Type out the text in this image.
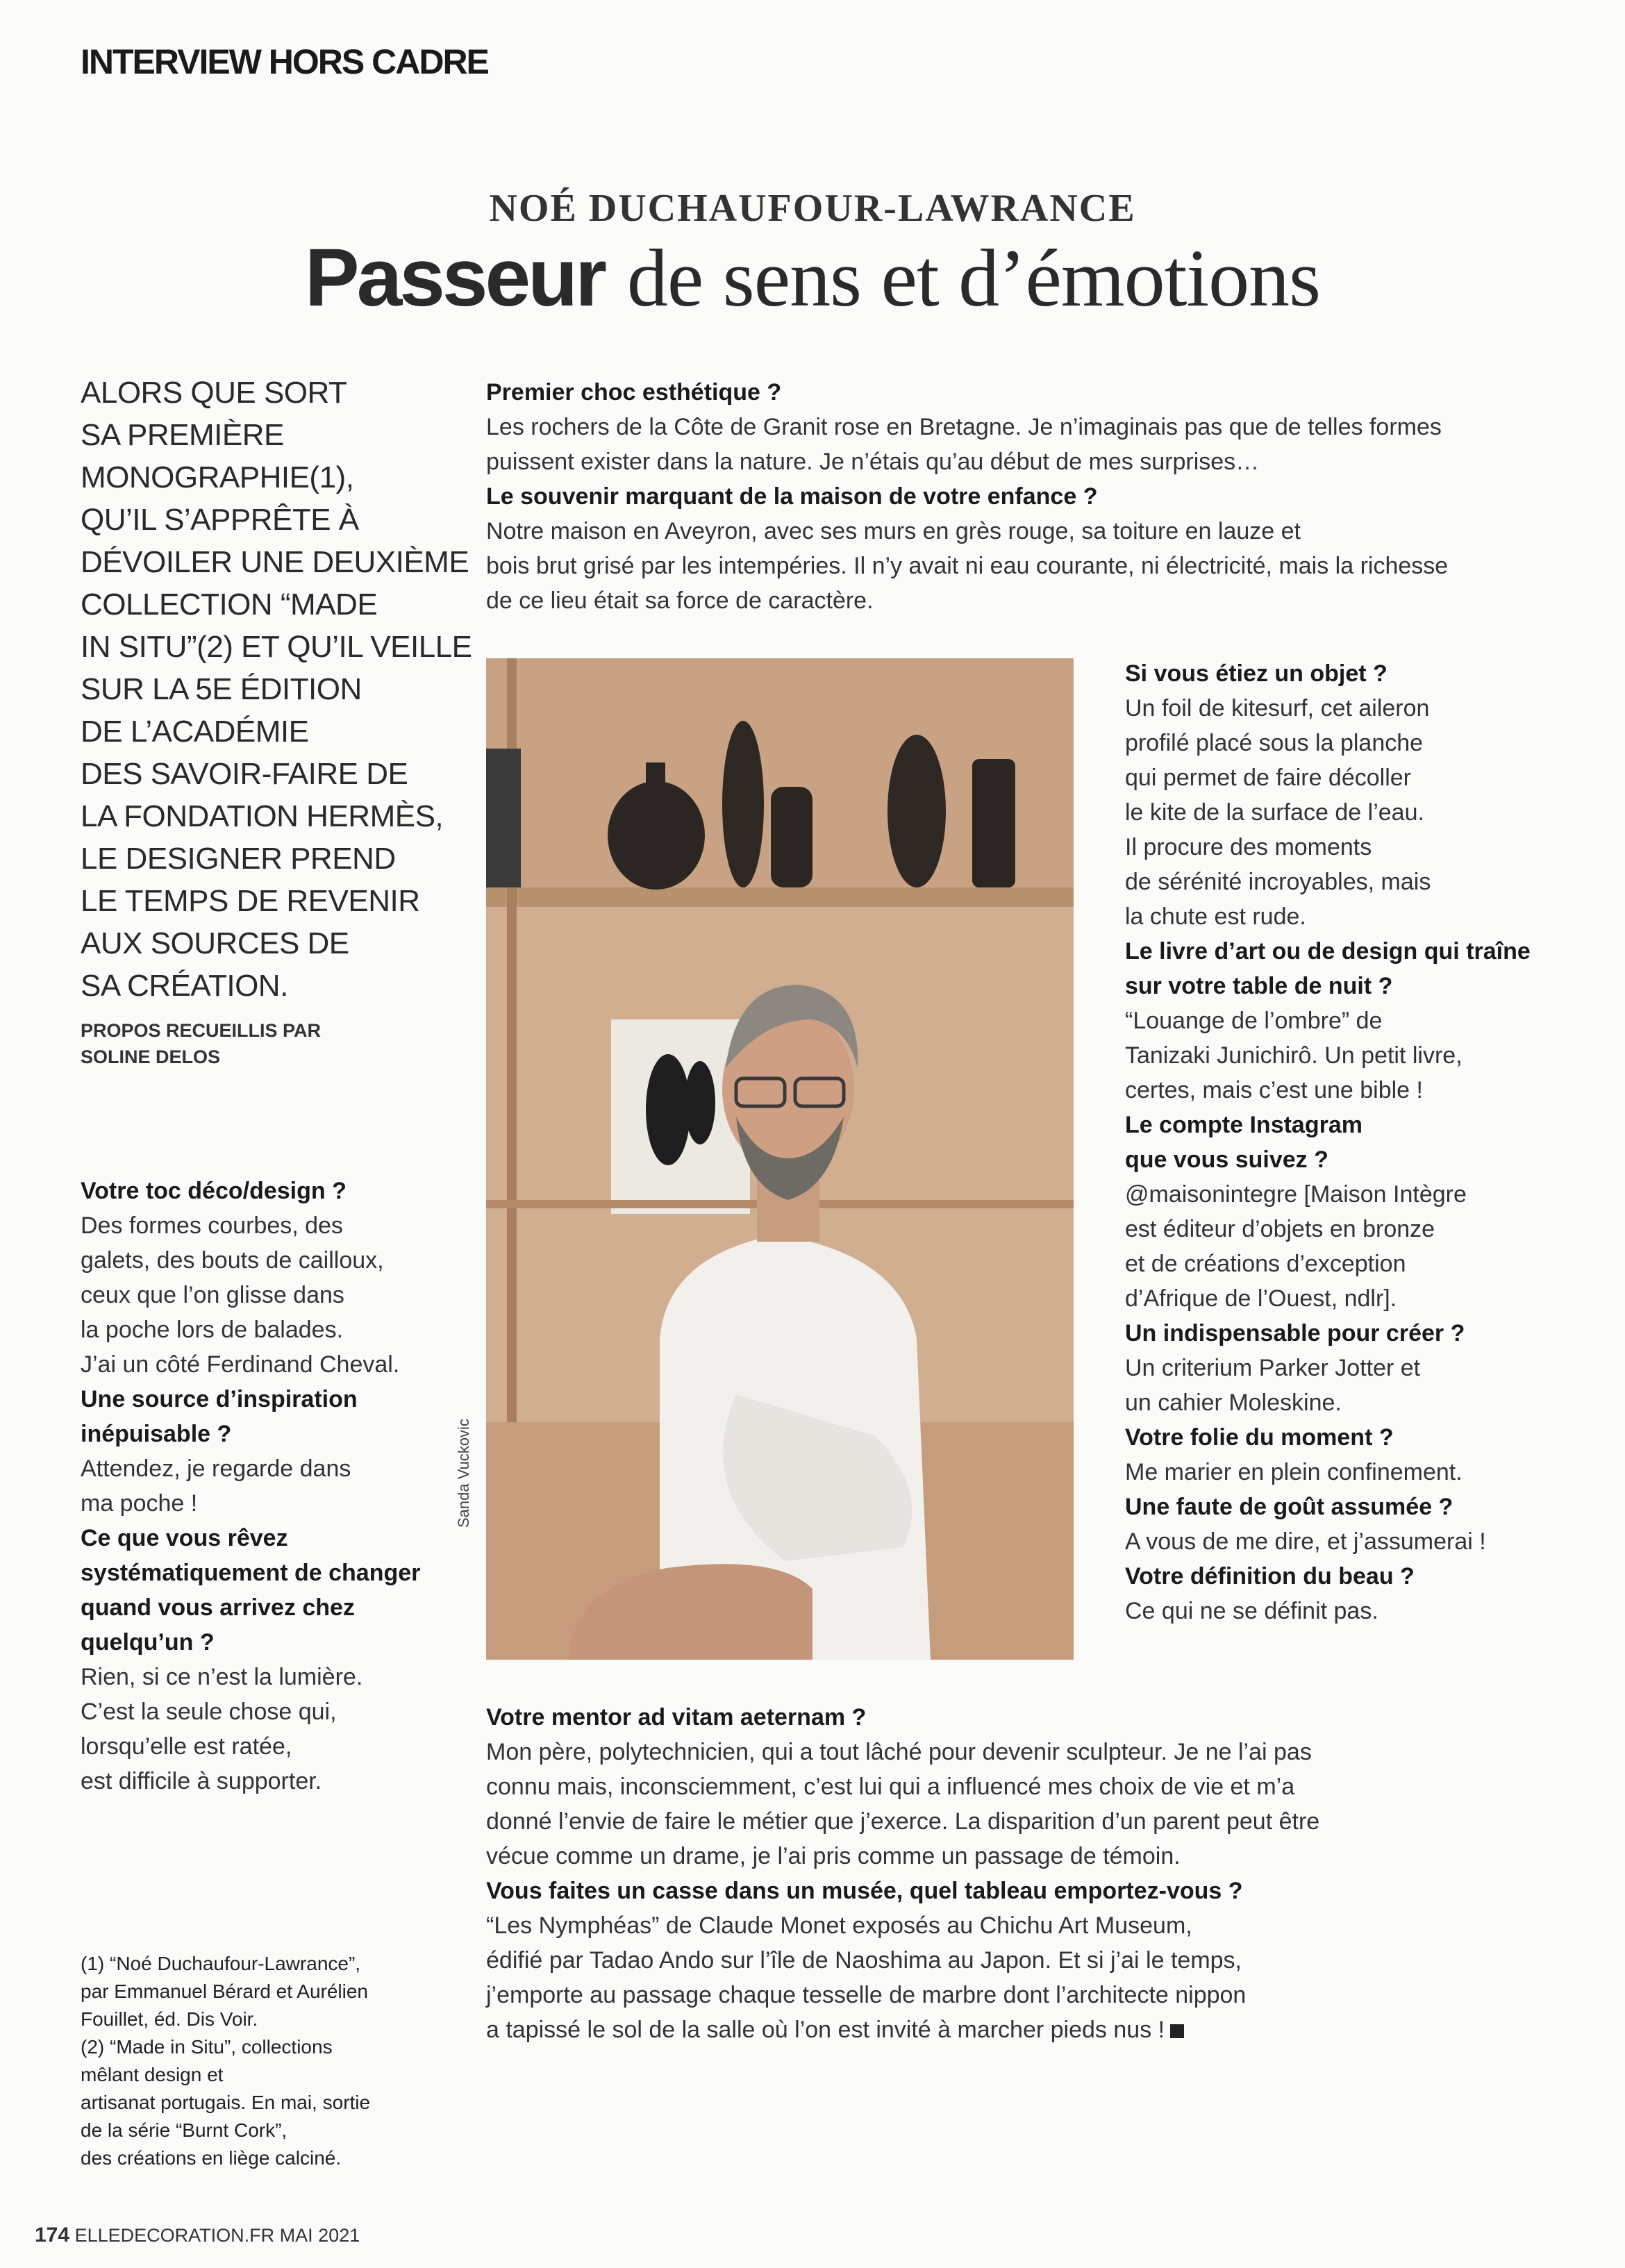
INTERVIEW HORS CADRE
NOÉ DUCHAUFOUR-LAWRANCE
Passeur de sens et d’émotions

ALORS QUE SORT

SA PREMIÈRE

MONOGRAPHIE(1),

QU’IL S’APPRÊTE À

DÉVOILER UNE DEUXIÈME

COLLECTION “MADE

IN SITU”(2) ET QU’IL VEILLE

SUR LA 5E ÉDITION

DE L’ACADÉMIE

DES SAVOIR-FAIRE DE

LA FONDATION HERMÈS,

LE DESIGNER PREND

LE TEMPS DE REVENIR

AUX SOURCES DE

SA CRÉATION.

PROPOS RECUEILLIS PAR
SOLINE DELOS

Premier choc esthétique ?

Les rochers de la Côte de Granit rose en Bretagne. Je n’imaginais pas que de telles formes

puissent exister dans la nature. Je n’étais qu’au début de mes surprises…

Le souvenir marquant de la maison de votre enfance ?

Notre maison en Aveyron, avec ses murs en grès rouge, sa toiture en lauze et

bois brut grisé par les intempéries. Il n’y avait ni eau courante, ni électricité, mais la richesse

de ce lieu était sa force de caractère.

Votre toc déco/design ?

Des formes courbes, des

galets, des bouts de cailloux,

ceux que l’on glisse dans

la poche lors de balades.

J’ai un côté Ferdinand Cheval.

Une source d’inspiration

inépuisable ?

Attendez, je regarde dans

ma poche !

Ce que vous rêvez

systématiquement de changer

quand vous arrivez chez

quelqu’un ?

Rien, si ce n’est la lumière.

C’est la seule chose qui,

lorsqu’elle est ratée,

est difficile à supporter.

Si vous étiez un objet ?

Un foil de kitesurf, cet aileron

profilé placé sous la planche

qui permet de faire décoller

le kite de la surface de l’eau.

Il procure des moments

de sérénité incroyables, mais

la chute est rude.

Le livre d’art ou de design qui traîne

sur votre table de nuit ?

“Louange de l’ombre” de

Tanizaki Junichirô. Un petit livre,

certes, mais c’est une bible !

Le compte Instagram

que vous suivez ?

@maisonintegre [Maison Intègre

est éditeur d’objets en bronze

et de créations d’exception

d’Afrique de l’Ouest, ndlr].

Un indispensable pour créer ?

Un criterium Parker Jotter et

un cahier Moleskine.

Votre folie du moment ?

Me marier en plein confinement.

Une faute de goût assumée ?

A vous de me dire, et j’assumerai !

Votre définition du beau ?

Ce qui ne se définit pas.

Votre mentor ad vitam aeternam ?

Mon père, polytechnicien, qui a tout lâché pour devenir sculpteur. Je ne l’ai pas

connu mais, inconsciemment, c’est lui qui a influencé mes choix de vie et m’a

donné l’envie de faire le métier que j’exerce. La disparition d’un parent peut être

vécue comme un drame, je l’ai pris comme un passage de témoin.

Vous faites un casse dans un musée, quel tableau emportez-vous ?

“Les Nymphéas” de Claude Monet exposés au Chichu Art Museum,

édifié par Tadao Ando sur l’île de Naoshima au Japon. Et si j’ai le temps,

j’emporte au passage chaque tesselle de marbre dont l’architecte nippon

a tapissé le sol de la salle où l’on est invité à marcher pieds nus !

Sanda Vuckovic

(1) “Noé Duchaufour-Lawrance”,

par Emmanuel Bérard et Aurélien

Fouillet, éd. Dis Voir.

(2) “Made in Situ”, collections

mêlant design et

artisanat portugais. En mai, sortie

de la série “Burnt Cork”,

des créations en liège calciné.

174 ELLEDECORATION.FR MAI 2021
